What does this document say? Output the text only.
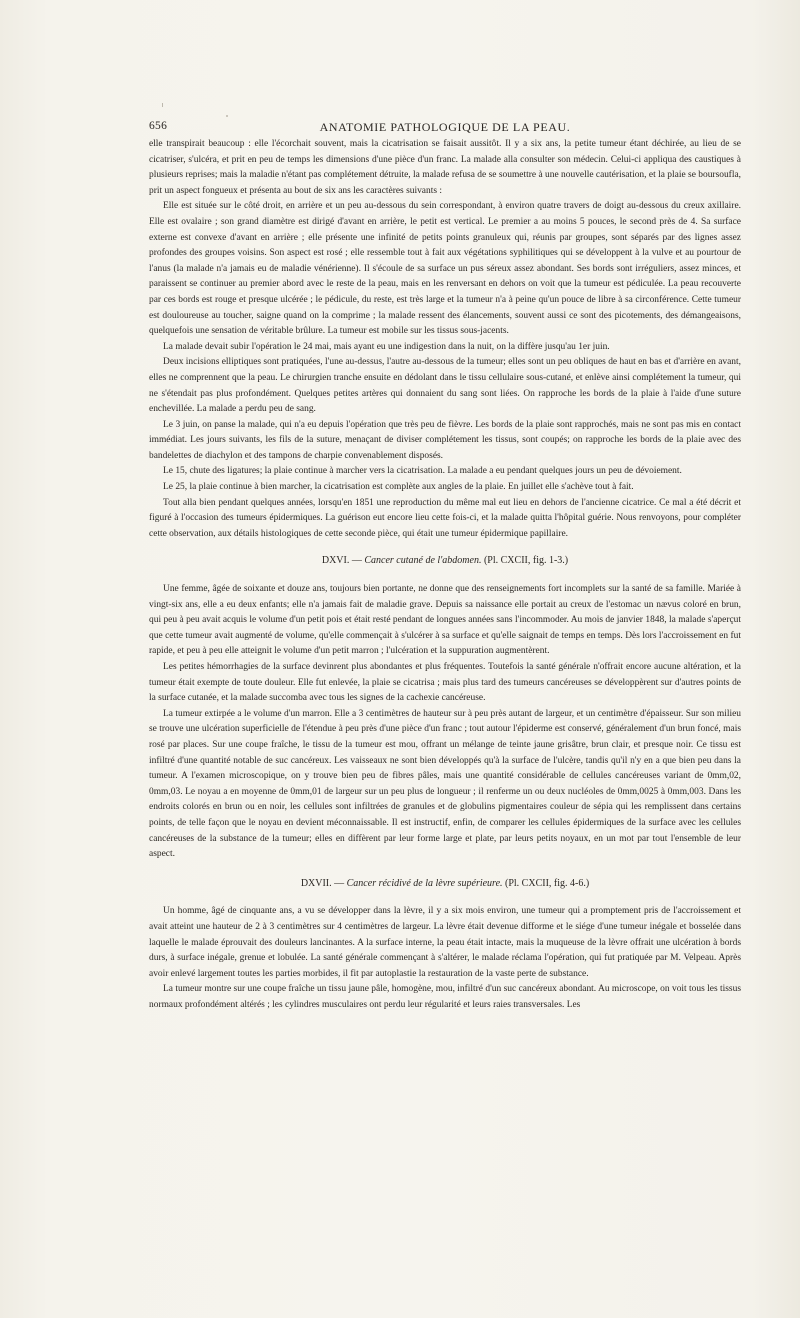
656	ANATOMIE PATHOLOGIQUE DE LA PEAU.

elle transpirait beaucoup : elle l'écorchait souvent, mais la cicatrisation se faisait aussitôt. Il y a six ans, la petite tumeur étant déchirée, au lieu de se cicatriser, s'ulcéra, et prit en peu de temps les dimensions d'une pièce d'un franc. La malade alla consulter son médecin. Celui-ci appliqua des caustiques à plusieurs reprises; mais la maladie n'étant pas complétement détruite, la malade refusa de se soumettre à une nouvelle cautérisation, et la plaie se boursoufla, prit un aspect fongueux et présenta au bout de six ans les caractères suivants :

Elle est située sur le côté droit, en arrière et un peu au-dessous du sein correspondant, à environ quatre travers de doigt au-dessous du creux axillaire. Elle est ovalaire ; son grand diamètre est dirigé d'avant en arrière, le petit est vertical. Le premier a au moins 5 pouces, le second près de 4. Sa surface externe est convexe d'avant en arrière ; elle présente une infinité de petits points granuleux qui, réunis par groupes, sont séparés par des lignes assez profondes des groupes voisins. Son aspect est rosé ; elle ressemble tout à fait aux végétations syphilitiques qui se développent à la vulve et au pourtour de l'anus (la malade n'a jamais eu de maladie vénérienne). Il s'écoule de sa surface un pus séreux assez abondant. Ses bords sont irréguliers, assez minces, et paraissent se continuer au premier abord avec le reste de la peau, mais en les renversant en dehors on voit que la tumeur est pédiculée. La peau recouverte par ces bords est rouge et presque ulcérée ; le pédicule, du reste, est très large et la tumeur n'a à peine qu'un pouce de libre à sa circonférence. Cette tumeur est douloureuse au toucher, saigne quand on la comprime ; la malade ressent des élancements, souvent aussi ce sont des picotements, des démangeaisons, quelquefois une sensation de véritable brûlure. La tumeur est mobile sur les tissus sous-jacents.

La malade devait subir l'opération le 24 mai, mais ayant eu une indigestion dans la nuit, on la diffère jusqu'au 1er juin.

Deux incisions elliptiques sont pratiquées, l'une au-dessus, l'autre au-dessous de la tumeur; elles sont un peu obliques de haut en bas et d'arrière en avant, elles ne comprennent que la peau. Le chirurgien tranche ensuite en dédolant dans le tissu cellulaire sous-cutané, et enlève ainsi complétement la tumeur, qui ne s'étendait pas plus profondément. Quelques petites artères qui donnaient du sang sont liées. On rapproche les bords de la plaie à l'aide d'une suture enchevillée. La malade a perdu peu de sang.

Le 3 juin, on panse la malade, qui n'a eu depuis l'opération que très peu de fièvre. Les bords de la plaie sont rapprochés, mais ne sont pas mis en contact immédiat. Les jours suivants, les fils de la suture, menaçant de diviser complétement les tissus, sont coupés; on rapproche les bords de la plaie avec des bandelettes de diachylon et des tampons de charpie convenablement disposés.

Le 15, chute des ligatures; la plaie continue à marcher vers la cicatrisation. La malade a eu pendant quelques jours un peu de dévoiement.

Le 25, la plaie continue à bien marcher, la cicatrisation est complète aux angles de la plaie. En juillet elle s'achève tout à fait.

Tout alla bien pendant quelques années, lorsqu'en 1851 une reproduction du même mal eut lieu en dehors de l'ancienne cicatrice. Ce mal a été décrit et figuré à l'occasion des tumeurs épidermiques. La guérison eut encore lieu cette fois-ci, et la malade quitta l'hôpital guérie. Nous renvoyons, pour compléter cette observation, aux détails histologiques de cette seconde pièce, qui était une tumeur épidermique papillaire.

DXVI. — Cancer cutané de l'abdomen. (Pl. CXCII, fig. 1-3.)

Une femme, âgée de soixante et douze ans, toujours bien portante, ne donne que des renseignements fort incomplets sur la santé de sa famille. Mariée à vingt-six ans, elle a eu deux enfants; elle n'a jamais fait de maladie grave. Depuis sa naissance elle portait au creux de l'estomac un nævus coloré en brun, qui peu à peu avait acquis le volume d'un petit pois et était resté pendant de longues années sans l'incommoder. Au mois de janvier 1848, la malade s'aperçut que cette tumeur avait augmenté de volume, qu'elle commençait à s'ulcérer à sa surface et qu'elle saignait de temps en temps. Dès lors l'accroissement en fut rapide, et peu à peu elle atteignit le volume d'un petit marron ; l'ulcération et la suppuration augmentèrent.

Les petites hémorrhagies de la surface devinrent plus abondantes et plus fréquentes. Toutefois la santé générale n'offrait encore aucune altération, et la tumeur était exempte de toute douleur. Elle fut enlevée, la plaie se cicatrisa ; mais plus tard des tumeurs cancéreuses se développèrent sur d'autres points de la surface cutanée, et la malade succomba avec tous les signes de la cachexie cancéreuse.

La tumeur extirpée a le volume d'un marron. Elle a 3 centimètres de hauteur sur à peu près autant de largeur, et un centimètre d'épaisseur. Sur son milieu se trouve une ulcération superficielle de l'étendue à peu près d'une pièce d'un franc ; tout autour l'épiderme est conservé, généralement d'un brun foncé, mais rosé par places. Sur une coupe fraîche, le tissu de la tumeur est mou, offrant un mélange de teinte jaune grisâtre, brun clair, et presque noir. Ce tissu est infiltré d'une quantité notable de suc cancéreux. Les vaisseaux ne sont bien développés qu'à la surface de l'ulcère, tandis qu'il n'y en a que bien peu dans la tumeur. A l'examen microscopique, on y trouve bien peu de fibres pâles, mais une quantité considérable de cellules cancéreuses variant de 0mm,02, 0mm,03. Le noyau a en moyenne de 0mm,01 de largeur sur un peu plus de longueur ; il renferme un ou deux nucléoles de 0mm,0025 à 0mm,003. Dans les endroits colorés en brun ou en noir, les cellules sont infiltrées de granules et de globulins pigmentaires couleur de sépia qui les remplissent dans certains points, de telle façon que le noyau en devient méconnaissable. Il est instructif, enfin, de comparer les cellules épidermiques de la surface avec les cellules cancéreuses de la substance de la tumeur; elles en diffèrent par leur forme large et plate, par leurs petits noyaux, en un mot par tout l'ensemble de leur aspect.

DXVII. — Cancer récidivé de la lèvre supérieure. (Pl. CXCII, fig. 4-6.)

Un homme, âgé de cinquante ans, a vu se développer dans la lèvre, il y a six mois environ, une tumeur qui a promptement pris de l'accroissement et avait atteint une hauteur de 2 à 3 centimètres sur 4 centimètres de largeur. La lèvre était devenue difforme et le siége d'une tumeur inégale et bosselée dans laquelle le malade éprouvait des douleurs lancinantes. A la surface interne, la peau était intacte, mais la muqueuse de la lèvre offrait une ulcération à bords durs, à surface inégale, grenue et lobulée. La santé générale commençant à s'altérer, le malade réclama l'opération, qui fut pratiquée par M. Velpeau. Après avoir enlevé largement toutes les parties morbides, il fit par autoplastie la restauration de la vaste perte de substance.

La tumeur montre sur une coupe fraîche un tissu jaune pâle, homogène, mou, infiltré d'un suc cancéreux abondant. Au microscope, on voit tous les tissus normaux profondément altérés ; les cylindres musculaires ont perdu leur régularité et leurs raies transversales. Les
